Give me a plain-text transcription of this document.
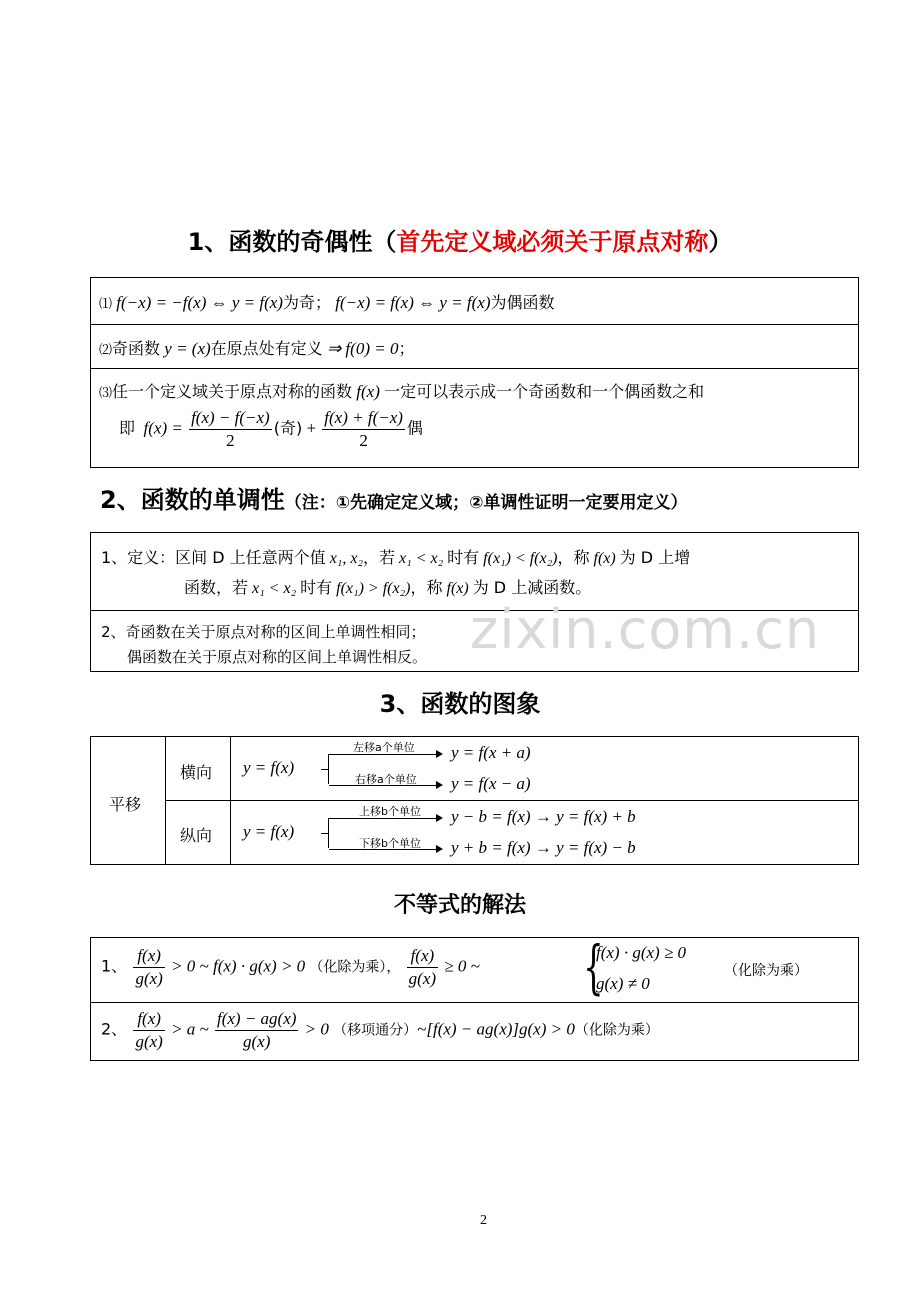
1、函数的奇偶性（首先定义域必须关于原点对称）
⑴ f(−x) = −f(x) ⇔ y = f(x)为奇； f(−x) = f(x) ⇔ y = f(x)为偶函数
⑵奇函数 y = (x)在原点处有定义 ⇒ f(0) = 0；
⑶任一个定义域关于原点对称的函数 f(x) 一定可以表示成一个奇函数和一个偶函数之和
即 $f(x) = \frac{f(x) - f(-x)}{2}$ (奇) + $\frac{f(x) + f(-x)}{2}$ 偶
2、函数的单调性（注：①先确定定义域；②单调性证明一定要用定义）
1、定义：区间 D 上任意两个值 x₁, x₂，若 x₁ < x₂ 时有 f(x₁) < f(x₂)，称 f(x) 为 D 上增
函数，若 x₁ < x₂ 时有 f(x₁) > f(x₂)，称 f(x) 为 D 上减函数。
2、奇函数在关于原点对称的区间上单调性相同；
偶函数在关于原点对称的区间上单调性相反。 zixin.com.cn
3、函数的图象
平移
横向
纵向
y = f(x)
左移a个单位 y = f(x + a)
右移a个单位 y = f(x − a)
y = f(x)
上移b个单位 y − b = f(x) → y = f(x) + b
下移b个单位 y + b = f(x) → y = f(x) − b
不等式的解法
1、 $\frac{f(x)}{g(x)} > 0$ ~ f(x) · g(x) > 0 （化除为乘）， $\frac{f(x)}{g(x)} \ge 0$ ~ {
f(x) · g(x) ≥ 0
g(x) ≠ 0
（化除为乘）
2、 $\frac{f(x)}{g(x)} > a$ ~ $\frac{f(x) - ag(x)}{g(x)} > 0$ （移项通分）~[f(x) − ag(x)]g(x) > 0（化除为乘）
2
